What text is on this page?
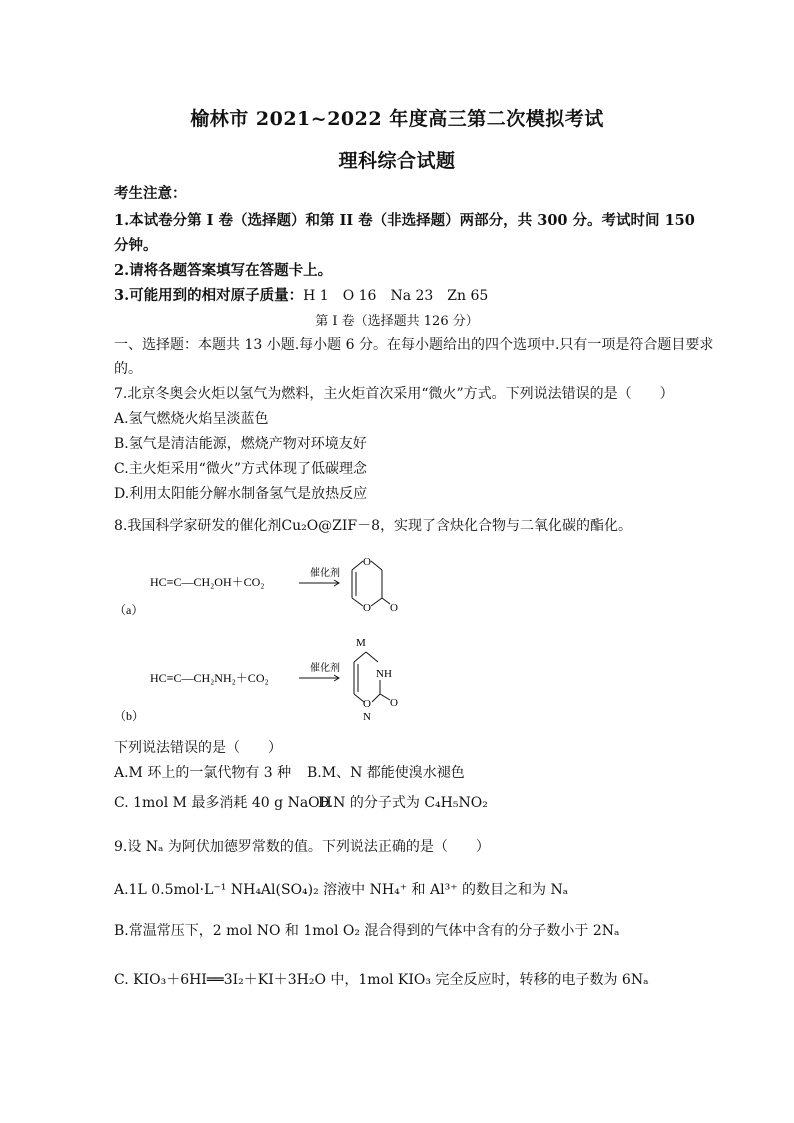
榆林市 2021~2022 年度高三第二次模拟考试
理科综合试题
考生注意：
1.本试卷分第 I 卷（选择题）和第 II 卷（非选择题）两部分，共 300 分。考试时间 150
分钟。
2.请将各题答案填写在答题卡上。
3.可能用到的相对原子质量：H 1　O 16　Na 23　Zn 65
第 I 卷（选择题共 126 分）
一、选择题：本题共 13 小题.每小题 6 分。在每小题给出的四个选项中.只有一项是符合题目要求
的。
7.北京冬奥会火炬以氢气为燃料，主火炬首次采用“微火”方式。下列说法错误的是（　　）
A.氢气燃烧火焰呈淡蓝色
B.氢气是清洁能源，燃烧产物对环境友好
C.主火炬采用“微火”方式体现了低碳理念
D.利用太阳能分解水制备氢气是放热反应
8.我国科学家研发的催化剂Cu₂O@ZIF－8，实现了含炔化合物与二氧化碳的酯化。
HC≡C—CH₂OH＋CO₂
催化剂
O
O O
（a）
HC≡C—CH₂NH₂＋CO₂
催化剂
M
NH
O O
N
（b）
下列说法错误的是（　　）
A.M 环上的一氯代物有 3 种 B.M、N 都能使溴水褪色
C. 1mol M 最多消耗 40 g NaOH
D.N 的分子式为 C₄H₅NO₂
9.设 Nₐ 为阿伏加德罗常数的值。下列说法正确的是（　　）
A.1L 0.5mol·L⁻¹ NH₄Al(SO₄)₂ 溶液中 NH₄⁺ 和 Al³⁺ 的数目之和为 Nₐ
B.常温常压下，2 mol NO 和 1mol O₂ 混合得到的气体中含有的分子数小于 2Nₐ
C. KIO₃＋6HI══3I₂＋KI＋3H₂O 中，1mol KIO₃ 完全反应时，转移的电子数为 6Nₐ
